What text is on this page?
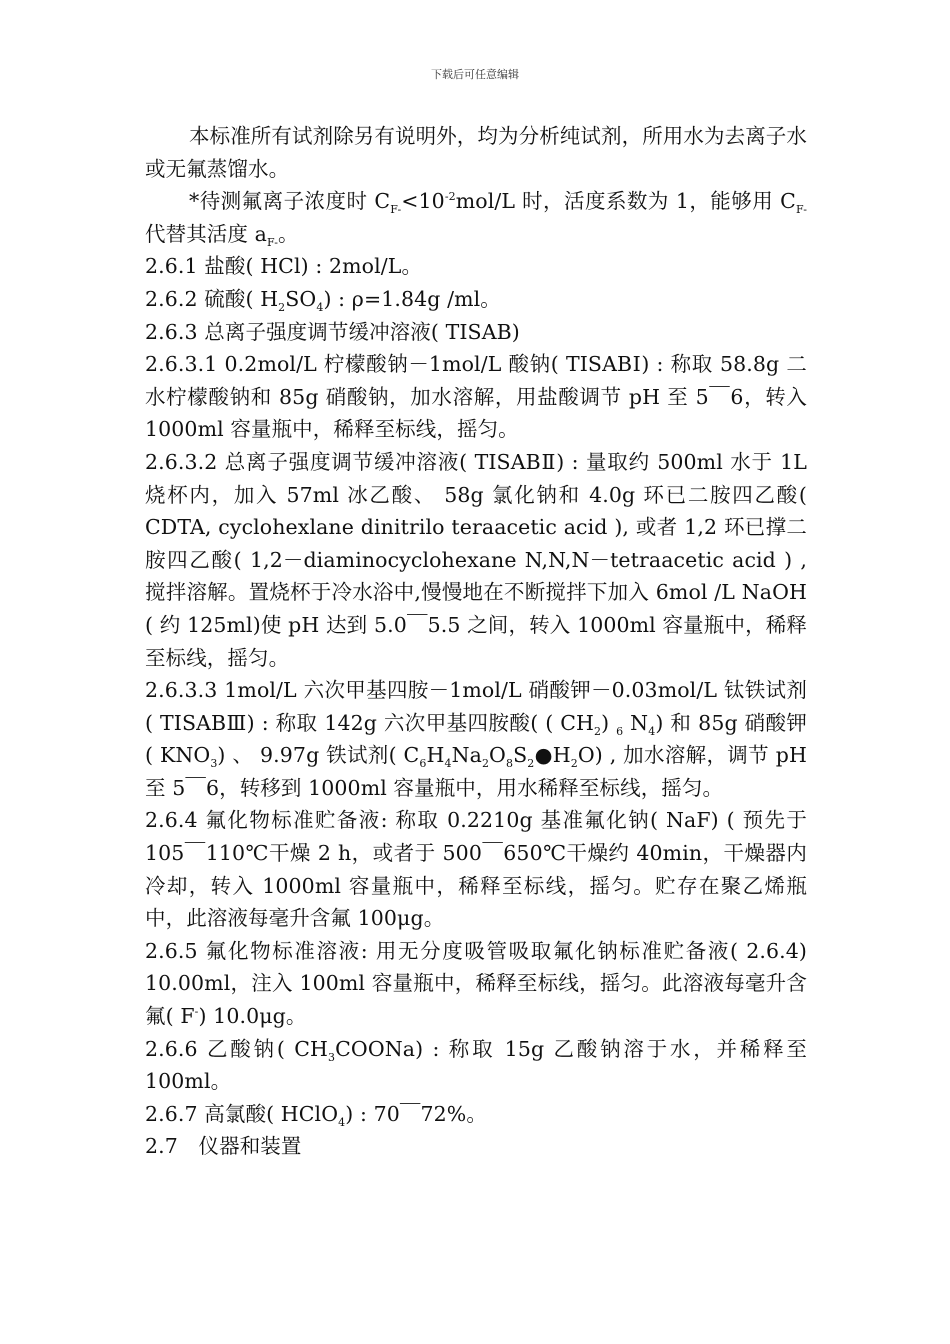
下载后可任意编辑

本标准所有试剂除另有说明外，均为分析纯试剂，所用水为去离子水或无氟蒸馏水。

*待测氟离子浓度时 $C_{F-}<10^{-2}mol/L$ 时，活度系数为 1，能够用 $C_{F-}$代替其活度 $a_{F-}$。

2.6.1 盐酸( HCl) : 2mol/L。

2.6.2 硫酸( $H_2SO_4$) : ρ=1.84g /ml。

2.6.3 总离子强度调节缓冲溶液( TISAB)

2.6.3.1 0.2mol/L 柠檬酸钠－1mol/L 酸钠( TISABⅠ) : 称取 58.8g 二水柠檬酸钠和 85g 硝酸钠，加水溶解，用盐酸调节 pH 至 5￣6，转入 1000ml 容量瓶中，稀释至标线，摇匀。

2.6.3.2 总离子强度调节缓冲溶液( TISABⅡ) : 量取约 500ml 水于 1L 烧杯内，加入 57ml 冰乙酸、 58g 氯化钠和 4.0g 环已二胺四乙酸( CDTA, cyclohexlane dinitrilo teraacetic acid ), 或者 1,2 环已撑二胺四乙酸( 1,2－diaminocyclohexane N,N,N－tetraacetic acid ) , 搅拌溶解。置烧杯于冷水浴中,慢慢地在不断搅拌下加入 6mol /L NaOH ( 约 125ml)使 pH 达到 5.0￣5.5 之间，转入 1000ml 容量瓶中，稀释至标线，摇匀。

2.6.3.3 1mol/L 六次甲基四胺－1mol/L 硝酸钾－0.03mol/L 钛铁试剂( TISABⅢ) : 称取 142g 六次甲基四胺酸( ( $CH_2$) $_6$ $N_4$) 和 85g 硝酸钾( $KNO_3$) 、 9.97g 铁试剂( $C_6H_4Na_2O_8S_2●H_2O$) , 加水溶解，调节 pH 至 5￣6，转移到 1000ml 容量瓶中，用水稀释至标线，摇匀。

2.6.4 氟化物标准贮备液: 称取 0.2210g 基准氟化钠( NaF) ( 预先于 105￣110℃干燥 2 h，或者于 500￣650℃干燥约 40min，干燥器内冷却，转入 1000ml 容量瓶中，稀释至标线，摇匀。贮存在聚乙烯瓶中，此溶液每毫升含氟 100μg。

2.6.5 氟化物标准溶液: 用无分度吸管吸取氟化钠标准贮备液( 2.6.4) 10.00ml，注入 100ml 容量瓶中，稀释至标线，摇匀。此溶液每毫升含氟( F-) 10.0μg。

2.6.6 乙酸钠( $CH_3COONa$) : 称取 15g 乙酸钠溶于水，并稀释至 100ml。

2.6.7 高氯酸( HClO$_4$) : 70￣72%。

2.7　仪器和装置
